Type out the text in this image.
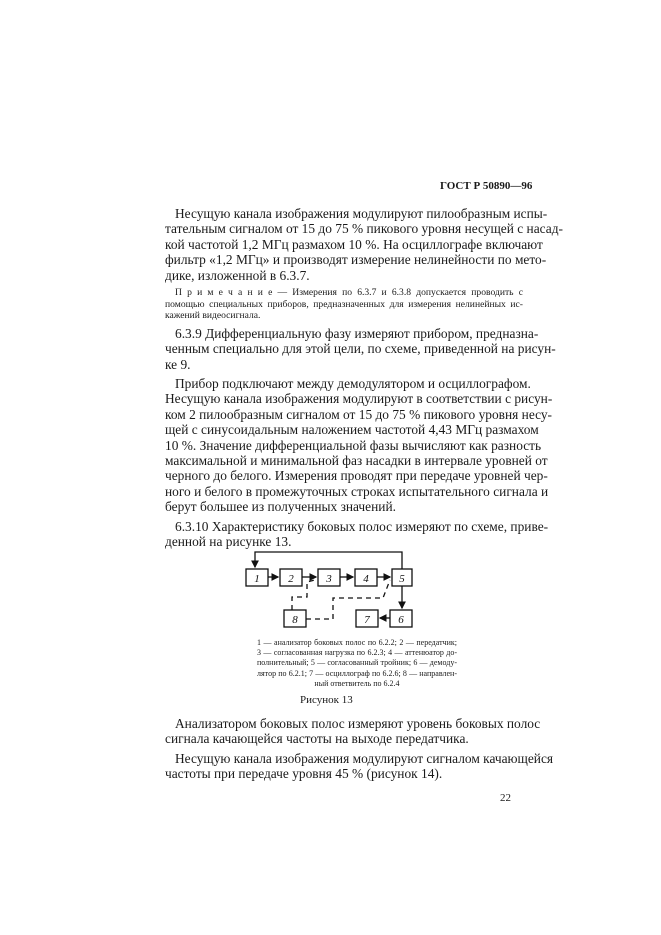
ГОСТ Р 50890—96
Несущую канала изображения модулируют пилообразным испы-
тательным сигналом от 15 до 75 % пикового уровня несущей с насад-
кой частотой 1,2 МГц размахом 10 %. На осциллографе включают
фильтр «1,2 МГц» и производят измерение нелинейности по мето-
дике, изложенной в 6.3.7.
П р и м е ч а н и е — Измерения по 6.3.7 и 6.3.8 допускается проводить с
помощью специальных приборов, предназначенных для измерения нелинейных ис-
кажений видеосигнала.
6.3.9 Дифференциальную фазу измеряют прибором, предназна-
ченным специально для этой цели, по схеме, приведенной на рисун-
ке 9.
Прибор подключают между демодулятором и осциллографом.
Несущую канала изображения модулируют в соответствии с рисун-
ком 2 пилообразным сигналом от 15 до 75 % пикового уровня несу-
щей с синусоидальным наложением частотой 4,43 МГц размахом
10 %. Значение дифференциальной фазы вычисляют как разность
максимальной и минимальной фаз насадки в интервале уровней от
черного до белого. Измерения проводят при передаче уровней чер-
ного и белого в промежуточных строках испытательного сигнала и
берут большее из полученных значений.
6.3.10 Характеристику боковых полос измеряют по схеме, приве-
денной на рисунке 13.
1	2	3	4	5
6
7
8
1 — анализатор боковых полос по 6.2.2; 2 — передатчик;
3 — согласованная нагрузка по 6.2.3; 4 — аттенюатор до-
полнительный; 5 — согласованный тройник; 6 — демоду-
лятор по 6.2.1; 7 — осциллограф по 6.2.6; 8 — направлен-
ный ответвитель по 6.2.4
Рисунок 13
Анализатором боковых полос измеряют уровень боковых полос
сигнала качающейся частоты на выходе передатчика.
Несущую канала изображения модулируют сигналом качающейся
частоты при передаче уровня 45 % (рисунок 14).
22
